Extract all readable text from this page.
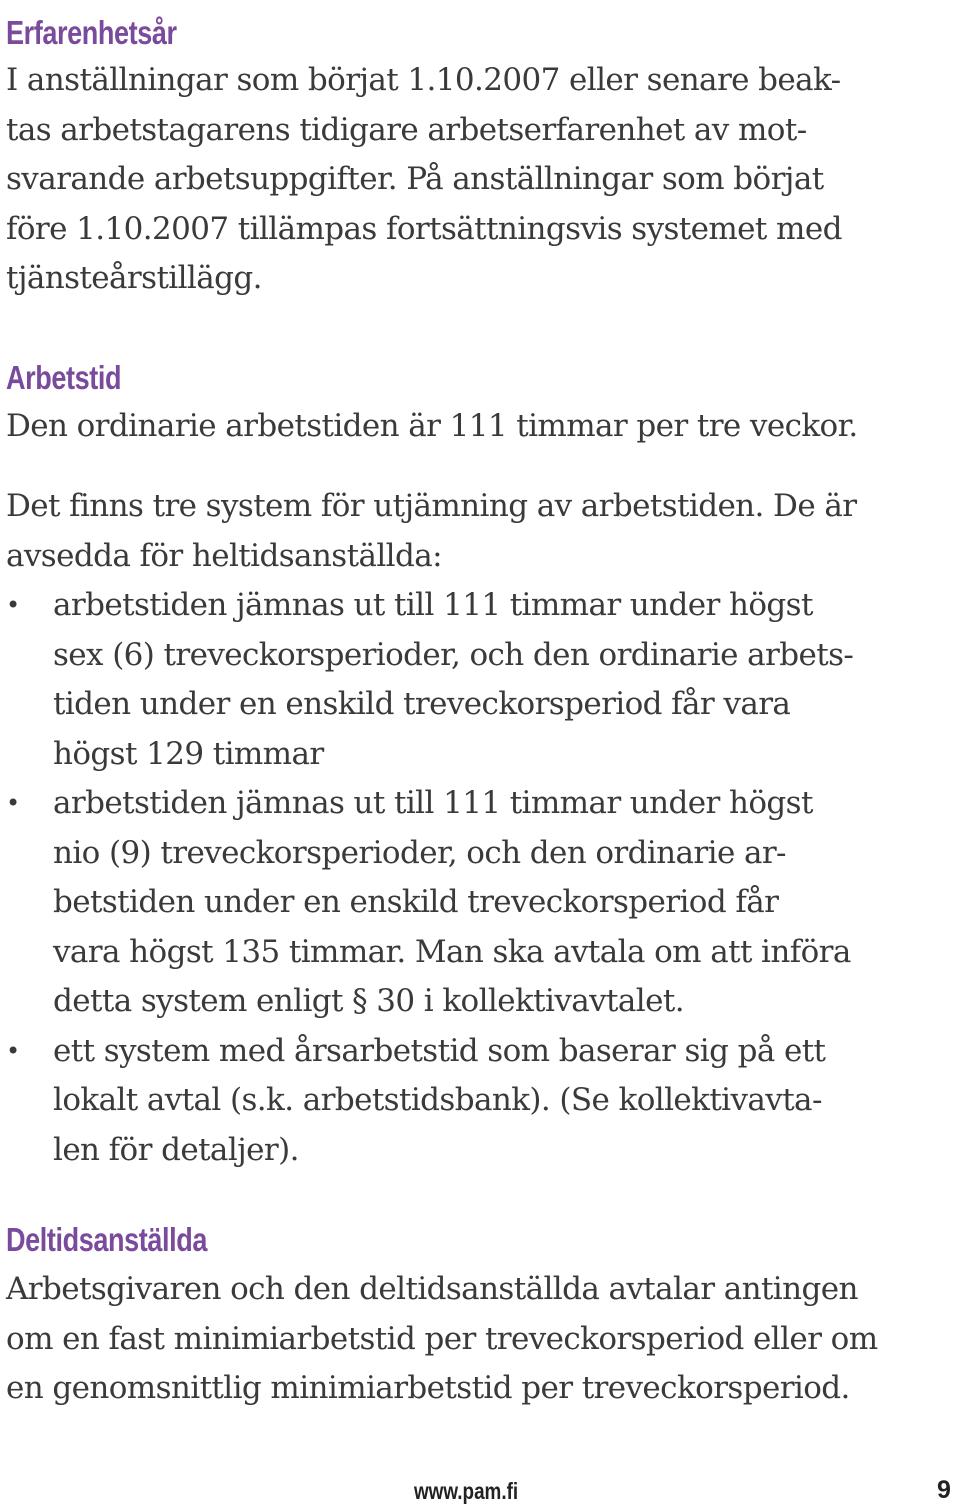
Erfarenhetsår

I anställningar som börjat 1.10.2007 eller senare beak-
tas arbetstagarens tidigare arbetserfarenhet av mot-
svarande arbetsuppgifter. På anställningar som börjat
före 1.10.2007 tillämpas fortsättningsvis systemet med
tjänsteårstillägg.

Arbetstid

Den ordinarie arbetstiden är 111 timmar per tre veckor.

Det finns tre system för utjämning av arbetstiden. De är
avsedda för heltidsanställda:

• arbetstiden jämnas ut till 111 timmar under högst
sex (6) treveckorsperioder, och den ordinarie arbets-
tiden under en enskild treveckorsperiod får vara
högst 129 timmar
• arbetstiden jämnas ut till 111 timmar under högst
nio (9) treveckorsperioder, och den ordinarie ar-
betstiden under en enskild treveckorsperiod får
vara högst 135 timmar. Man ska avtala om att införa
detta system enligt § 30 i kollektivavtalet.
• ett system med årsarbetstid som baserar sig på ett
lokalt avtal (s.k. arbetstidsbank). (Se kollektivavta-
len för detaljer).
Deltidsanställda

Arbetsgivaren och den deltidsanställda avtalar antingen
om en fast minimiarbetstid per treveckorsperiod eller om
en genomsnittlig minimiarbetstid per treveckorsperiod.

www.pam.fi	9
